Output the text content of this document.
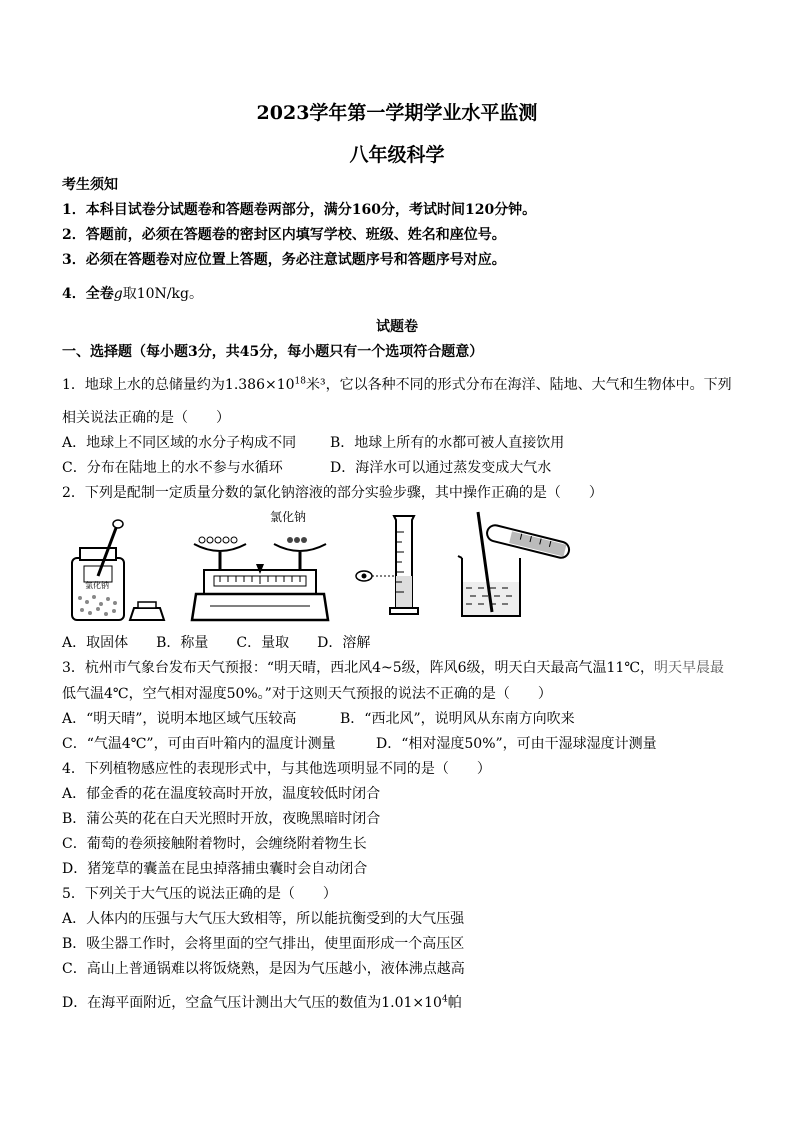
2023学年第一学期学业水平监测
八年级科学
考生须知
1．本科目试卷分试题卷和答题卷两部分，满分160分，考试时间120分钟。
2．答题前，必须在答题卷的密封区内填写学校、班级、姓名和座位号。
3．必须在答题卷对应位置上答题，务必注意试题序号和答题序号对应。
4．全卷g取10N/kg。
试题卷
一、选择题（每小题3分，共45分，每小题只有一个选项符合题意）
1．地球上水的总储量约为$1.386\times 10^{18}$米³，它以各种不同的形式分布在海洋、陆地、大气和生物体中。下列
相关说法正确的是（　　）
A．地球上不同区域的水分子构成不同 B．地球上所有的水都可被人直接饮用
C．分布在陆地上的水不参与水循环	D．海洋水可以通过蒸发变成大气水
2．下列是配制一定质量分数的氯化钠溶液的部分实验步骤，其中操作正确的是（　　）
氯化钠
氯化钠
A．取固体　　B．称量　　C．量取　　D．溶解
3．杭州市气象台发布天气预报：“明天晴，西北风4~5级，阵风6级，明天白天最高气温11℃，明天早晨最
低气温4℃，空气相对湿度50%。”对于这则天气预报的说法不正确的是（　　）
A．“明天晴”，说明本地区域气压较高	B．“西北风”，说明风从东南方向吹来
C．“气温4℃”，可由百叶箱内的温度计测量	D．“相对湿度50%”，可由干湿球湿度计测量
4．下列植物感应性的表现形式中，与其他选项明显不同的是（　　）
A．郁金香的花在温度较高时开放，温度较低时闭合
B．蒲公英的花在白天光照时开放，夜晚黑暗时闭合
C．葡萄的卷须接触附着物时，会缠绕附着物生长
D．猪笼草的囊盖在昆虫掉落捕虫囊时会自动闭合
5．下列关于大气压的说法正确的是（　　）
A．人体内的压强与大气压大致相等，所以能抗衡受到的大气压强
B．吸尘器工作时，会将里面的空气排出，使里面形成一个高压区
C．高山上普通锅难以将饭烧熟，是因为气压越小，液体沸点越高
D．在海平面附近，空盒气压计测出大气压的数值为$1.01\times 10^4$帕
